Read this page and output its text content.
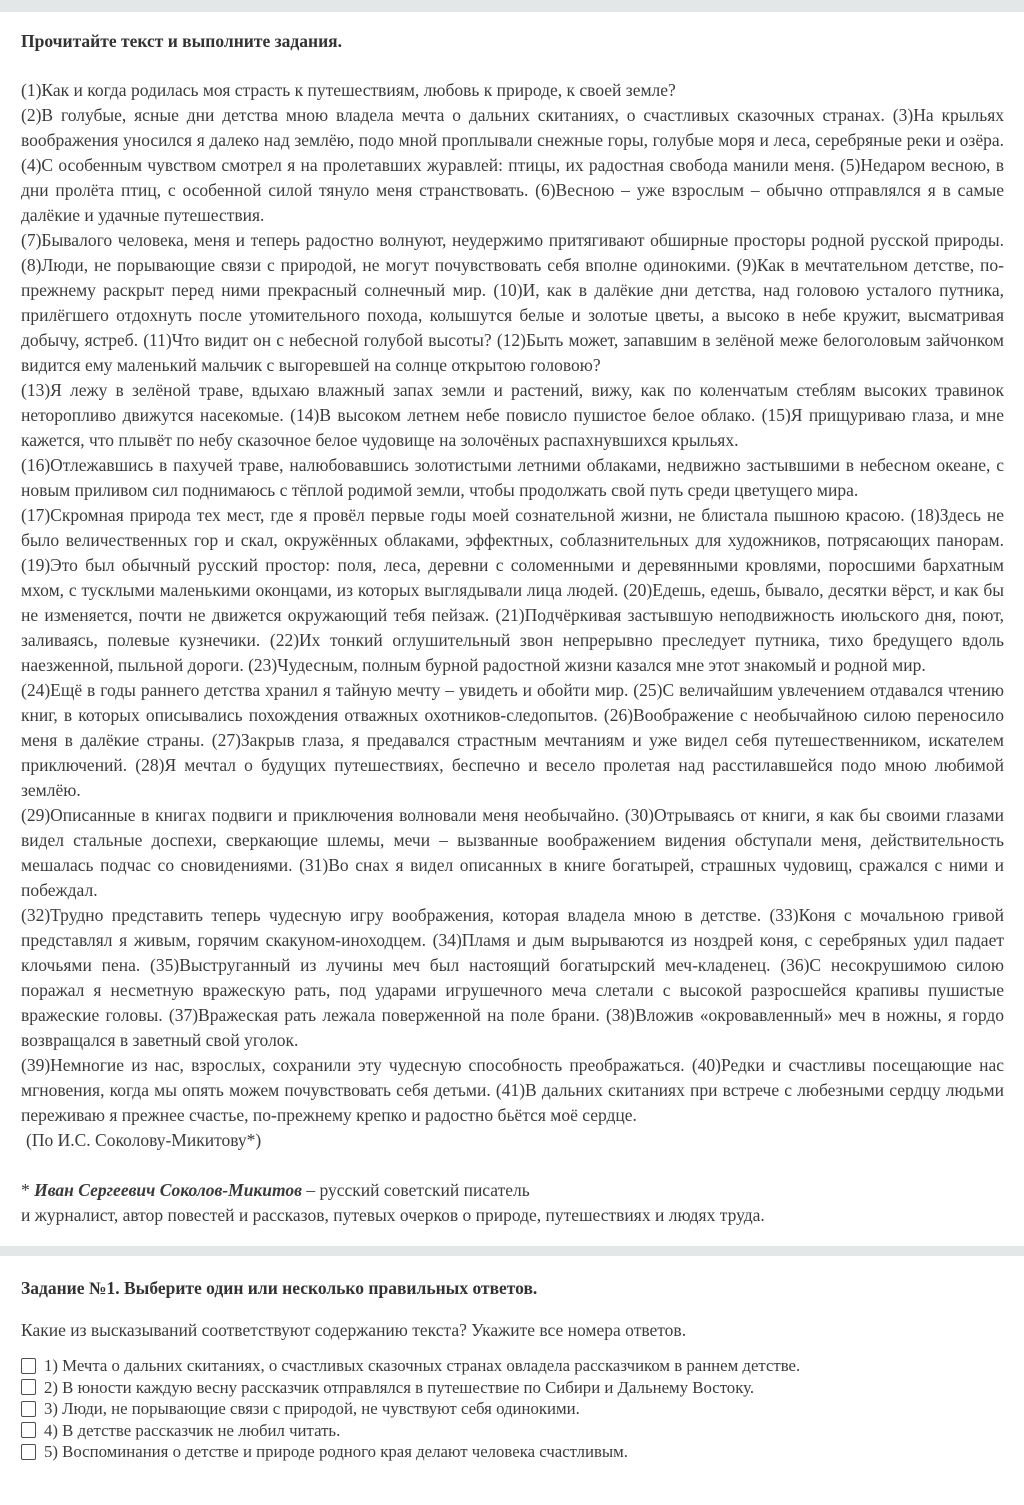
Прочитайте текст и выполните задания.

(1)Как и когда родилась моя страсть к путешествиям, любовь к природе, к своей земле?

(2)В голубые, ясные дни детства мною владела мечта о дальних скитаниях, о счастливых сказочных странах. (3)На крыльях воображения уносился я далеко над землёю, подо мной проплывали снежные горы, голубые моря и леса, серебряные реки и озёра. (4)С особенным чувством смотрел я на пролетавших журавлей: птицы, их радостная свобода манили меня. (5)Недаром весною, в дни пролёта птиц, с особенной силой тянуло меня странствовать. (6)Весною – уже взрослым – обычно отправлялся я в самые далёкие и удачные путешествия.

(7)Бывалого человека, меня и теперь радостно волнуют, неудержимо притягивают обширные просторы родной русской природы. (8)Люди, не порывающие связи с природой, не могут почувствовать себя вполне одинокими. (9)Как в мечтательном детстве, по-прежнему раскрыт перед ними прекрасный солнечный мир. (10)И, как в далёкие дни детства, над головою усталого путника, прилёгшего отдохнуть после утомительного похода, колышутся белые и золотые цветы, а высоко в небе кружит, высматривая добычу, ястреб. (11)Что видит он с небесной голубой высоты? (12)Быть может, запавшим в зелёной меже белоголовым зайчонком видится ему маленький мальчик с выгоревшей на солнце открытою головою?

(13)Я лежу в зелёной траве, вдыхаю влажный запах земли и растений, вижу, как по коленчатым стеблям высоких травинок неторопливо движутся насекомые. (14)В высоком летнем небе повисло пушистое белое облако. (15)Я прищуриваю глаза, и мне кажется, что плывёт по небу сказочное белое чудовище на золочёных распахнувшихся крыльях.

(16)Отлежавшись в пахучей траве, налюбовавшись золотистыми летними облаками, недвижно застывшими в небесном океане, с новым приливом сил поднимаюсь с тёплой родимой земли, чтобы продолжать свой путь среди цветущего мира.

(17)Скромная природа тех мест, где я провёл первые годы моей сознательной жизни, не блистала пышною красою. (18)Здесь не было величественных гор и скал, окружённых облаками, эффектных, соблазнительных для художников, потрясающих панорам. (19)Это был обычный русский простор: поля, леса, деревни с соломенными и деревянными кровлями, поросшими бархатным мхом, с тусклыми маленькими оконцами, из которых выглядывали лица людей. (20)Едешь, едешь, бывало, десятки вёрст, и как бы не изменяется, почти не движется окружающий тебя пейзаж. (21)Подчёркивая застывшую неподвижность июльского дня, поют, заливаясь, полевые кузнечики. (22)Их тонкий оглушительный звон непрерывно преследует путника, тихо бредущего вдоль наезженной, пыльной дороги. (23)Чудесным, полным бурной радостной жизни казался мне этот знакомый и родной мир.

(24)Ещё в годы раннего детства хранил я тайную мечту – увидеть и обойти мир. (25)С величайшим увлечением отдавался чтению книг, в которых описывались похождения отважных охотников-следопытов. (26)Воображение с необычайною силою переносило меня в далёкие страны. (27)Закрыв глаза, я предавался страстным мечтаниям и уже видел себя путешественником, искателем приключений. (28)Я мечтал о будущих путешествиях, беспечно и весело пролетая над расстилавшейся подо мною любимой землёю.

(29)Описанные в книгах подвиги и приключения волновали меня необычайно. (30)Отрываясь от книги, я как бы своими глазами видел стальные доспехи, сверкающие шлемы, мечи – вызванные воображением видения обступали меня, действительность мешалась подчас со сновидениями. (31)Во снах я видел описанных в книге богатырей, страшных чудовищ, сражался с ними и побеждал.

(32)Трудно представить теперь чудесную игру воображения, которая владела мною в детстве. (33)Коня с мочальною гривой представлял я живым, горячим скакуном-иноходцем. (34)Пламя и дым вырываются из ноздрей коня, с серебряных удил падает клочьями пена. (35)Выструганный из лучины меч был настоящий богатырский меч-кладенец. (36)С несокрушимою силою поражал я несметную вражескую рать, под ударами игрушечного меча слетали с высокой разросшейся крапивы пушистые вражеские головы. (37)Вражеская рать лежала поверженной на поле брани. (38)Вложив «окровавленный» меч в ножны, я гордо возвращался в заветный свой уголок.

(39)Немногие из нас, взрослых, сохранили эту чудесную способность преображаться. (40)Редки и счастливы посещающие нас мгновения, когда мы опять можем почувствовать себя детьми. (41)В дальних скитаниях при встрече с любезными сердцу людьми переживаю я прежнее счастье, по-прежнему крепко и радостно бьётся моё сердце.

(По И.С. Соколову-Микитову*)

* Иван Сергеевич Соколов-Микитов – русский советский писатель

и журналист, автор повестей и рассказов, путевых очерков о природе, путешествиях и людях труда.

Задание №1. Выберите один или несколько правильных ответов.

Какие из высказываний соответствуют содержанию текста? Укажите все номера ответов.

1) Мечта о дальних скитаниях, о счастливых сказочных странах овладела рассказчиком в раннем детстве.
2) В юности каждую весну рассказчик отправлялся в путешествие по Сибири и Дальнему Востоку.
3) Люди, не порывающие связи с природой, не чувствуют себя одинокими.
4) В детстве рассказчик не любил читать.
5) Воспоминания о детстве и природе родного края делают человека счастливым.
